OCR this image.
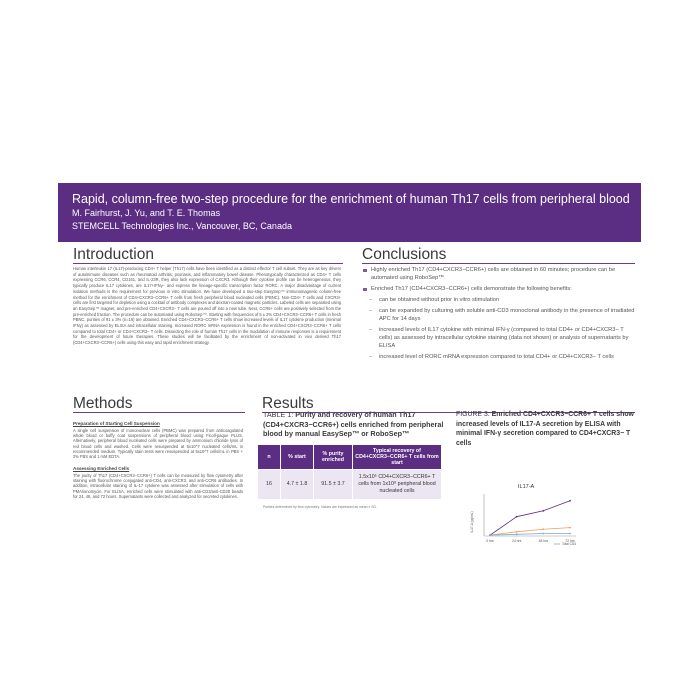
Rapid, column-free two-step procedure for the enrichment of human Th17 cells from peripheral blood
M. Fairhurst, J. Yu, and T. E. Thomas
STEMCELL Technologies Inc., Vancouver, BC, Canada
Introduction
Human interleukin 17 (IL17)-producing CD4+ T helper (Th17) cells have been identified as a distinct effector T cell subset. They are as key drivers of autoimmune diseases such as rheumatoid arthritis, psoriasis, and inflammatory bowel disease. Phenotypically characterized as CD4+ T cells expressing CCR6, CCR4, CD161, and IL-23R, they also lack expression of CXCR3. Although their cytokine profile can be heterogeneous, they typically produce IL17 cytokines, are IL17+IFNγ− and express the lineage-specific transcription factor RORC. A major disadvantage of current isolation methods is the requirement for previous in vitro stimulation. We have developed a two-step EasySep™ immunomagnetic column-free method for the enrichment of CD4+CXCR3−CCR6+ T cells from fresh peripheral blood nucleated cells (PBNC). Non-CD4+ T cells and CXCR3+ cells are first targeted for depletion using a cocktail of antibody complexes and dextran-coated magnetic particles. Labeled cells are separated using an EasySep™ magnet, and pre-enriched CD4+CXCR3− T cells are poured off into a new tube. Next, CCR6+ cells are positively selected from the pre-enriched fraction. The procedure can be automated using RoboSep™. Starting with frequencies of 5 ± 2% CD4+CXCR3−CCR6+ T cells in fresh PBNC, purities of 91 ± 3% (n=16) are obtained. Enriched CD4+CXCR3−CCR6+ T cells show increased levels of IL17 cytokine production (minimal IFNγ) as assessed by ELISA and intracellular staining. Increased RORC mRNA expression is found in the enriched CD4+CXCR3−CCR6+ T cells compared to total CD4+ or CD4+CXCR3− T cells. Dissecting the role of human Th17 cells in the modulation of immune responses is a requirement for the development of future therapies. These studies will be facilitated by the enrichment of non-activated in vivo derived Th17 (CD4+CXCR3−CCR6+) cells using this easy and rapid enrichment strategy.
Conclusions
Highly enriched Th17 (CD4+CXCR3−CCR6+) cells are obtained in 60 minutes; procedure can be automated using RoboSep™
Enriched Th17 (CD4+CXCR3−CCR6+) cells demonstrate the following benefits:
– can be obtained without prior in vitro stimulation
– can be expanded by culturing with soluble anti-CD3 monoclonal antibody in the presence of irradiated APC for 14 days
– increased levels of IL17 cytokine with minimal IFN-γ (compared to total CD4+ or CD4+CXCR3− T cells) as assessed by intracellular cytokine staining (data not shown) or analysis of supernatants by ELISA
– increased level of RORC mRNA expression compared to total CD4+ or CD4+CXCR3− T cells
Methods
Preparation of Starting Cell Suspension
A single cell suspension of mononuclear cells (PBMC) was prepared from anticoagulated whole blood or buffy coat suspensions of peripheral blood using Ficoll-paque PLUS. Alternatively, peripheral blood nucleated cells were prepared by ammonium chloride lysis of red blood cells and washed. Cells were resuspended at 5x10^7 nucleated cells/mL in recommended medium. Typically stain tests were resuspended at 5x10^7 cells/mL in PBS + 2% FBS and 1 mM EDTA.
Assessing Enriched Cells
The purity of Th17 (CD4+CXCR3−CCR6+) T cells can be measured by flow cytometry after staining with fluorochrome conjugated anti-CD4, anti-CXCR3, and anti-CCR6 antibodies. In addition, intracellular staining of IL-17 cytokine was assessed after stimulation of cells with PMA/ionomycin. For ELISA, enriched cells were stimulated with anti-CD3/anti-CD28 beads for 24, 48, and 72 hours. Supernatants were collected and analyzed for secreted cytokines.
Results
TABLE 1: Purity and recovery of human Th17 (CD4+CXCR3−CCR6+) cells enriched from peripheral blood by manual EasySep™ or RoboSep™
n	% start	% purity enriched	Typical recovery of CD4+CXCR3−CCR6+ T cells from start
16	4.7 ± 1.8	91.5 ± 3.7	1.5x10⁵ CD4+CXCR3−CCR6+ T cells from 1x10⁸ peripheral blood nucleated cells
Purities determined by flow cytometry. Values are expressed as mean ± SD.
FIGURE 3: Enriched CD4+CXCR3−CCR6+ T cells show increased levels of IL17-A secretion by ELISA with minimal IFN-γ secretion compared to CD4+CXCR3− T cells
IL17-A
IL17-A (pg/mL)
0 hrs	24 hrs	48 hrs	72 hrs
Total CD4
